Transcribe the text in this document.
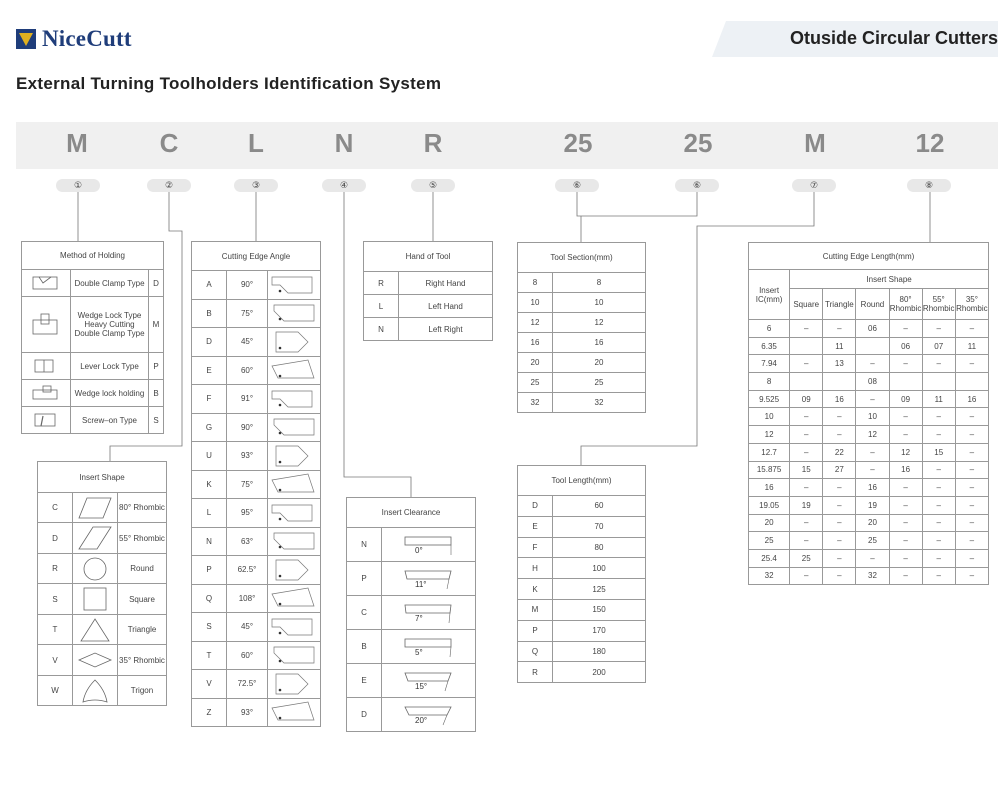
NiceCutt	Otuside Circular Cutters
External Turning Toolholders Identification System
M	C	L	N	R	25	25	M	12
①	②	③	④	⑤	⑥	⑥	⑦	⑧
Method of Holding		
	Double Clamp Type	D
	Wedge Lock Type Heavy Cutting Double Clamp Type	M
	Lever Lock Type	P
	Wedge lock holding	B
	Screw–on Type	S
Insert Shape		
C		80° Rhombic
D		55° Rhombic
R		Round
S		Square
T		Triangle
V		35° Rhombic
W		Trigon
Cutting Edge Angle		
A	90°	
B	75°	
D	45°	
E	60°	
F	91°	
G	90°	
U	93°	
K	75°	
L	95°	
N	63°	
P	62.5°	
Q	108°	
S	45°	
T	60°	
V	72.5°	
Z	93°	
Hand of Tool	
R	Right Hand
L	Left Hand
N	Left Right
Insert Clearance	
N	0°

P	11°

C	7°

B	5°

E	15°

D	20°
Tool Section(mm)	
8	8
10	10
12	12
16	16
20	20
25	25
32	32
Tool Length(mm)	
D	60
E	70
F	80
H	100
K	125
M	150
P	170
Q	180
R	200
Cutting Edge Length(mm)						
Insert IC(mm)	Insert Shape					
	Square	Triangle	Round	80° Rhombic	55° Rhombic	35° Rhombic
6	–	–	06	–	–	–
6.35		11		06	07	11
7.94	–	13	–	–	–	–
8			08			
9.525	09	16	–	09	11	16
10	–	–	10	–	–	–
12	–	–	12	–	–	–
12.7	–	22	–	12	15	–
15.875	15	27	–	16	–	–
16	–	–	16	–	–	–
19.05	19	–	19	–	–	–
20	–	–	20	–	–	–
25	–	–	25	–	–	–
25.4	25	–	–	–	–	–
32	–	–	32	–	–	–
